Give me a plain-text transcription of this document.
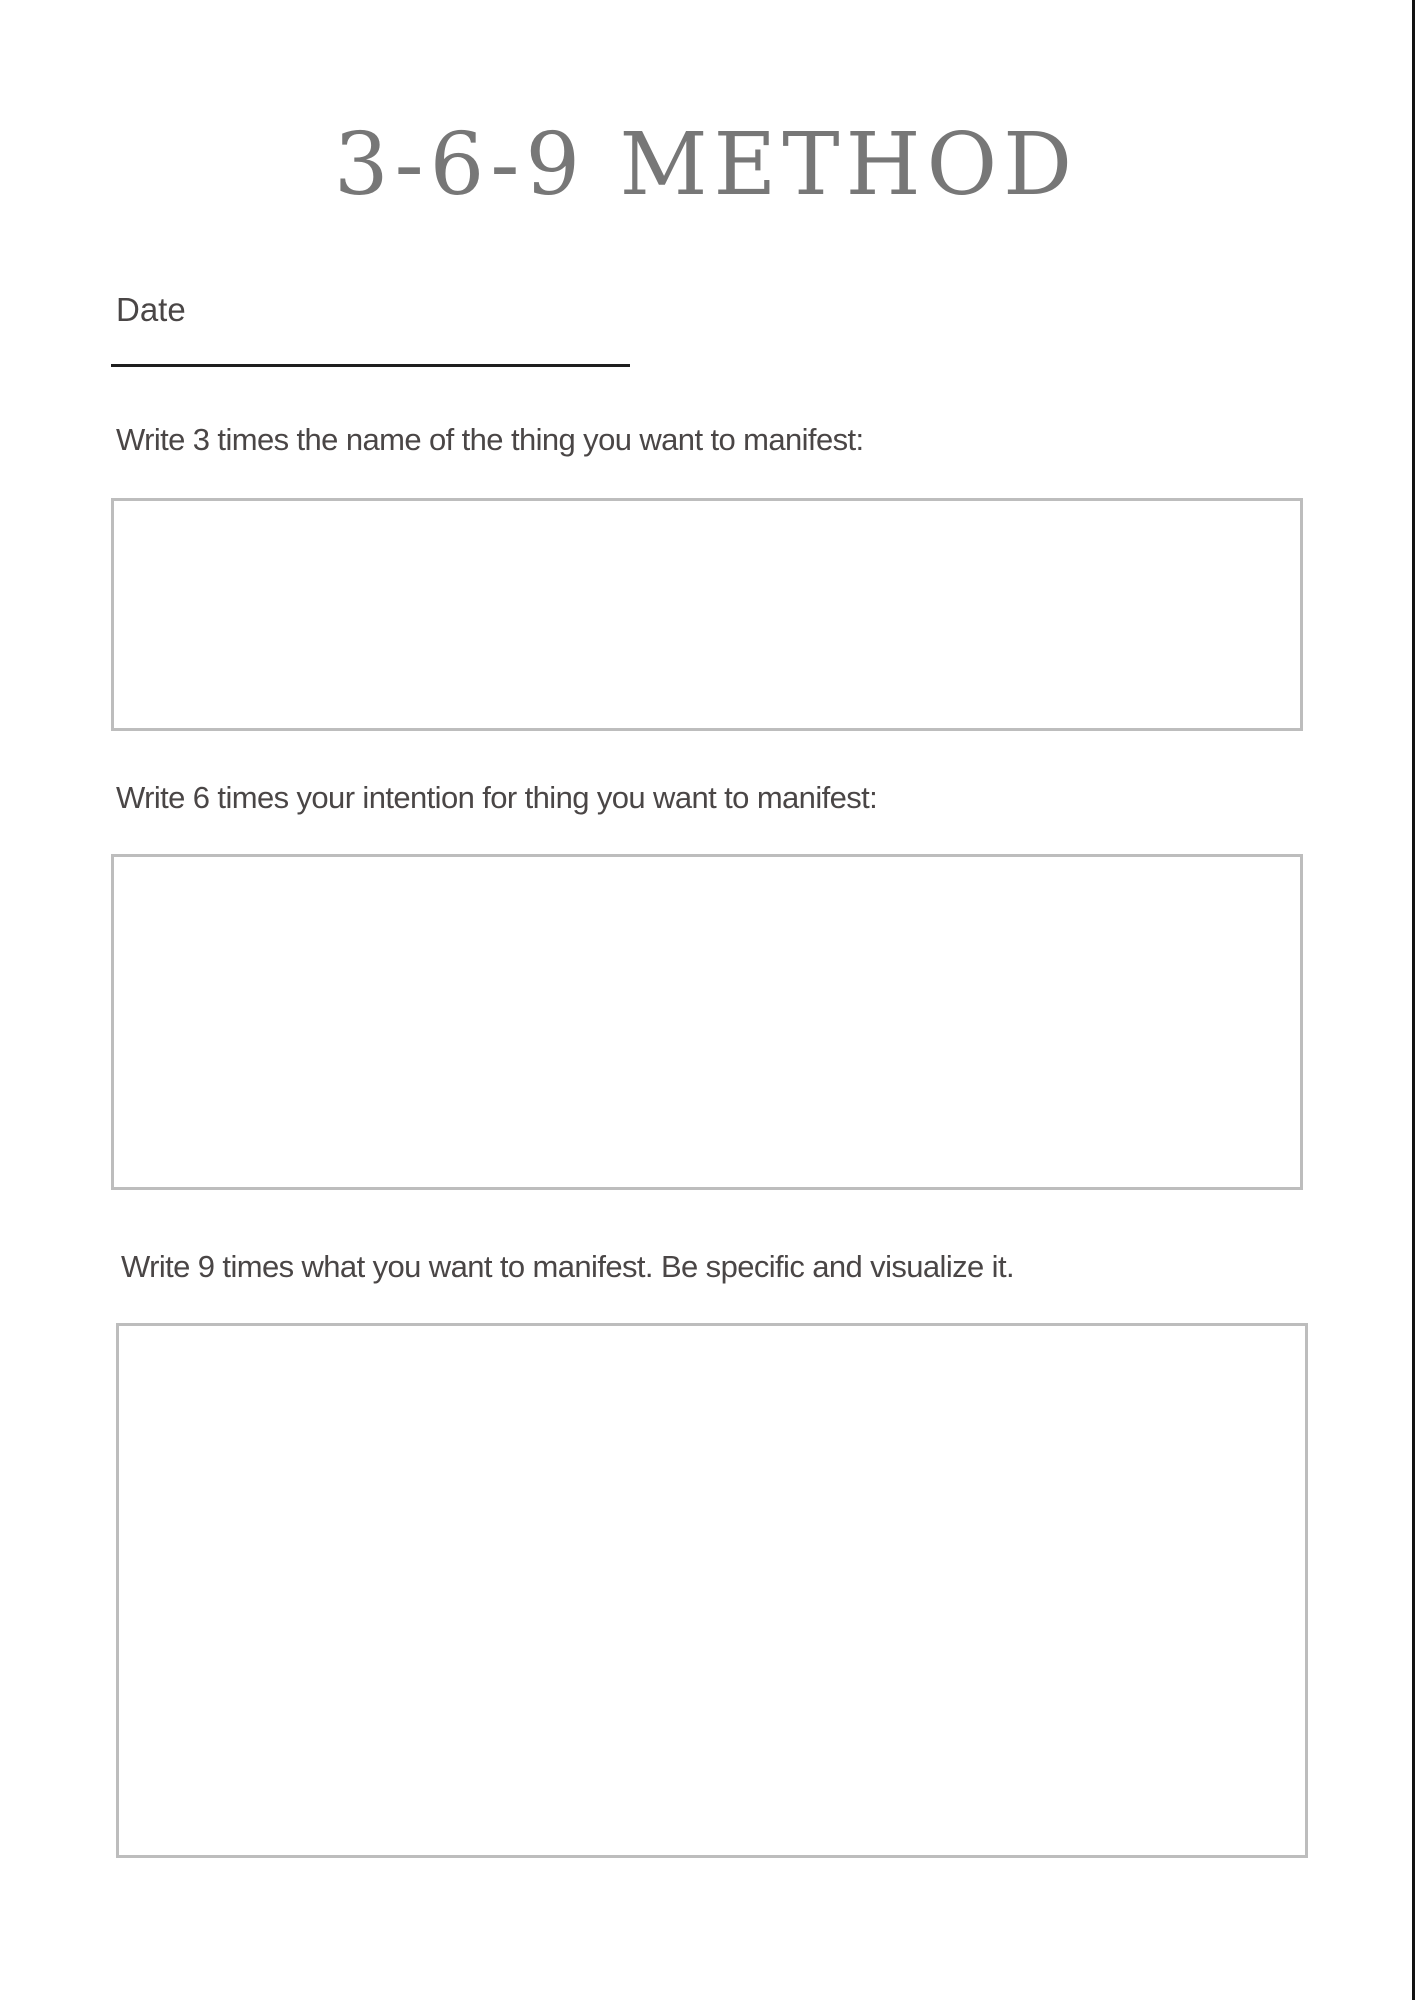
3-6-9 METHOD
Date
Write 3 times the name of the thing you want to manifest:
Write 6 times your intention for thing you want to manifest:
Write 9 times what you want to manifest. Be specific and visualize it.
